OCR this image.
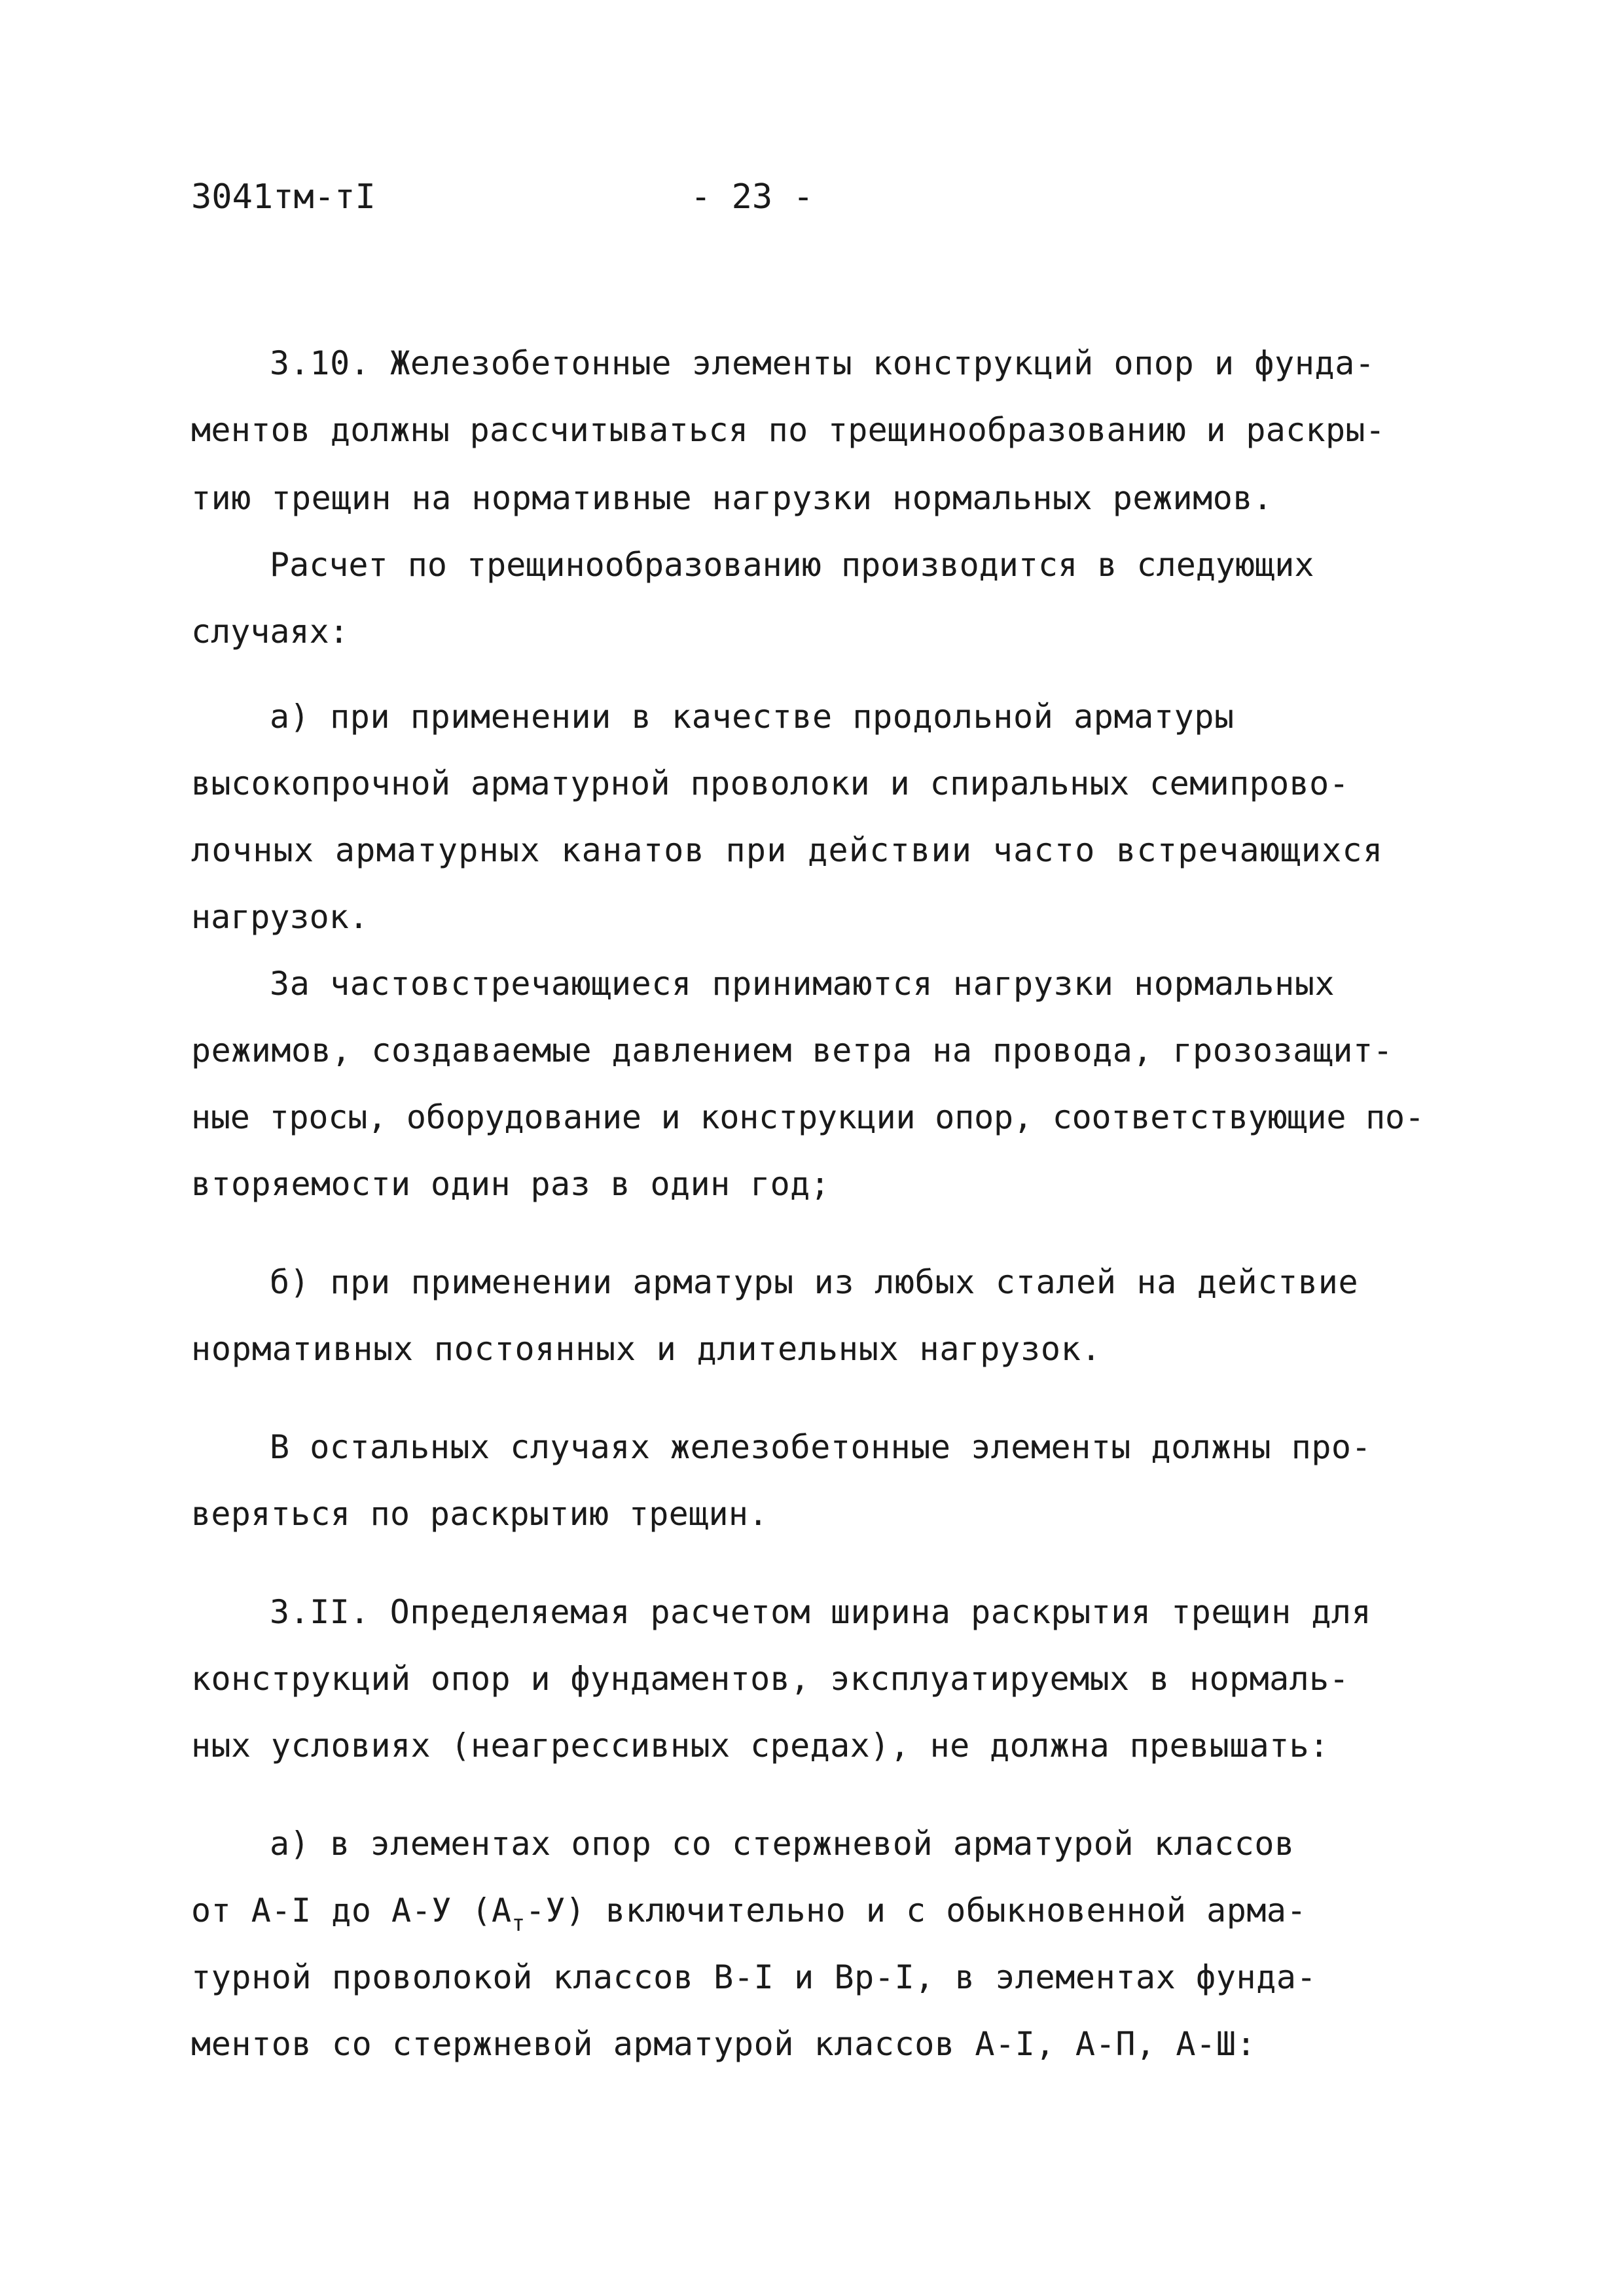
3041тм-тI	- 23 -
3.10. Железобетонные элементы конструкций опор и фунда-
ментов должны рассчитываться по трещинообразованию и раскры-
тию трещин на нормативные нагрузки нормальных режимов.
Расчет по трещинообразованию производится в следующих
случаях:
а) при применении в качестве продольной арматуры
высокопрочной арматурной проволоки и спиральных семипрово-
лочных арматурных канатов при действии часто встречающихся
нагрузок.
За частовстречающиеся принимаются нагрузки нормальных
режимов, создаваемые давлением ветра на провода, грозозащит-
ные тросы, оборудование и конструкции опор, соответствующие по-
вторяемости один раз в один год;
б) при применении арматуры из любых сталей на действие
нормативных постоянных и длительных нагрузок.
В остальных случаях железобетонные элементы должны про-
веряться по раскрытию трещин.
3.II. Определяемая расчетом ширина раскрытия трещин для
конструкций опор и фундаментов, эксплуатируемых в нормаль-
ных условиях (неагрессивных средах), не должна превышать:
а) в элементах опор со стержневой арматурой классов
от А-I до А-У $(А_т-У)$ включительно и с обыкновенной арма-
турной проволокой классов В-I и Вр-I, в элементах фунда-
ментов со стержневой арматурой классов А-I, А-П, А-Ш:
